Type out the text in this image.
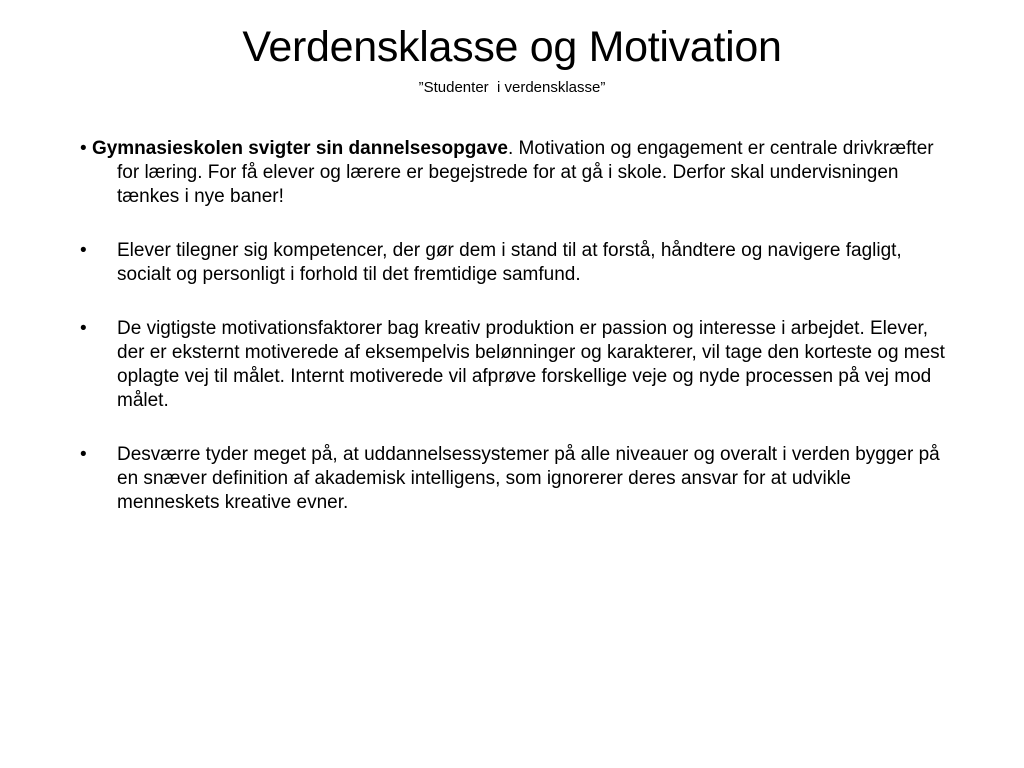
Verdensklasse og Motivation
”Studenter  i verdensklasse”
• Gymnasieskolen svigter sin dannelsesopgave. Motivation og engagement er centrale drivkræfter for læring. For få elever og lærere er begejstrede for at gå i skole. Derfor skal undervisningen tænkes i nye baner!
•	Elever tilegner sig kompetencer, der gør dem i stand til at forstå, håndtere og navigere fagligt, socialt og personligt i forhold til det fremtidige samfund.
•	De vigtigste motivationsfaktorer bag kreativ produktion er passion og interesse i arbejdet. Elever, der er eksternt motiverede af eksempelvis belønninger og karakterer, vil tage den korteste og mest oplagte vej til målet. Internt motiverede vil afprøve forskellige veje og nyde processen på vej mod målet.
•	Desværre tyder meget på, at uddannelsessystemer på alle niveauer og overalt i verden bygger på en snæver definition af akademisk intelligens, som ignorerer deres ansvar for at udvikle menneskets kreative evner.
